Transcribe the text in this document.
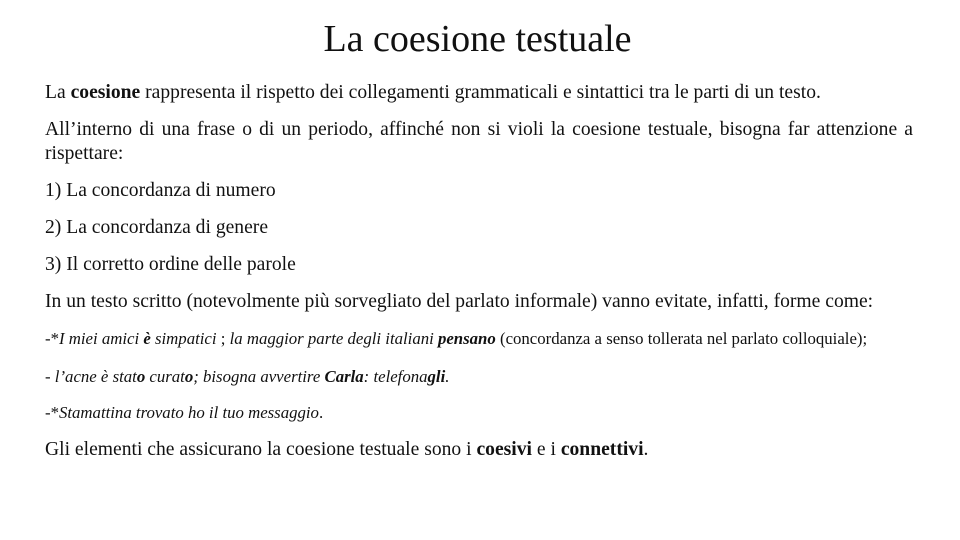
La coesione testuale

La coesione rappresenta il rispetto dei collegamenti grammaticali e sintattici tra le parti di un testo.

All’interno di una frase o di un periodo, affinché non si violi la coesione testuale, bisogna far attenzione a rispettare:

1) La concordanza di numero

2) La concordanza di genere

3) Il corretto ordine delle parole

In un testo scritto (notevolmente più sorvegliato del parlato informale) vanno evitate, infatti, forme come:

-*I miei amici è simpatici ; la maggior parte degli italiani pensano (concordanza a senso tollerata nel parlato colloquiale);

- l’acne è stato curato; bisogna avvertire Carla: telefonagli.

-*Stamattina trovato ho il tuo messaggio.

Gli elementi che assicurano la coesione testuale sono i coesivi e i connettivi.
